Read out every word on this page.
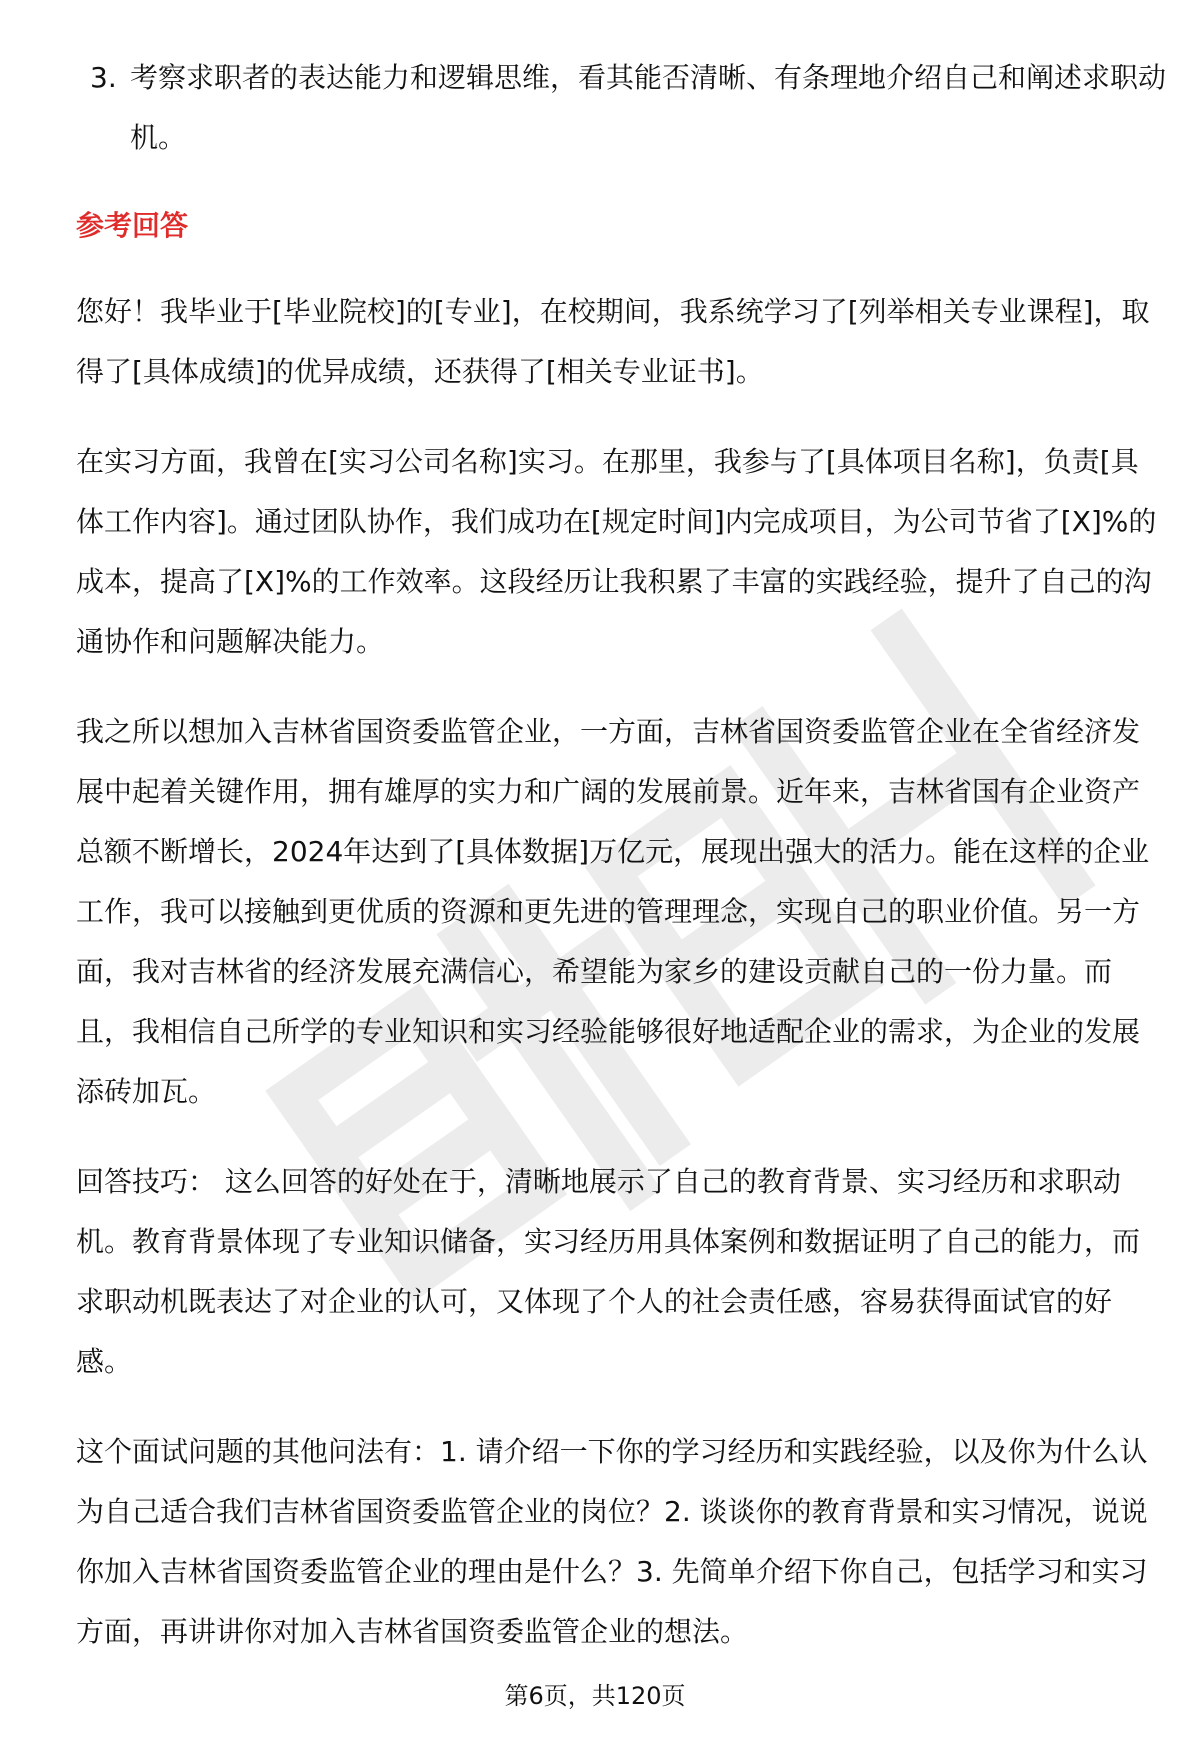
3. 考察求职者的表达能力和逻辑思维，看其能否清晰、有条理地介绍自己和阐述求职动机。
参考回答

您好！我毕业于[毕业院校]的[专业]，在校期间，我系统学习了[列举相关专业课程]，取得了[具体成绩]的优异成绩，还获得了[相关专业证书]。

在实习方面，我曾在[实习公司名称]实习。在那里，我参与了[具体项目名称]，负责[具体工作内容]。通过团队协作，我们成功在[规定时间]内完成项目，为公司节省了[X]%的成本，提高了[X]%的工作效率。这段经历让我积累了丰富的实践经验，提升了自己的沟通协作和问题解决能力。

我之所以想加入吉林省国资委监管企业，一方面，吉林省国资委监管企业在全省经济发展中起着关键作用，拥有雄厚的实力和广阔的发展前景。近年来，吉林省国有企业资产总额不断增长，2024年达到了[具体数据]万亿元，展现出强大的活力。能在这样的企业工作，我可以接触到更优质的资源和更先进的管理理念，实现自己的职业价值。另一方面，我对吉林省的经济发展充满信心，希望能为家乡的建设贡献自己的一份力量。而且，我相信自己所学的专业知识和实习经验能够很好地适配企业的需求，为企业的发展添砖加瓦。

回答技巧： 这么回答的好处在于，清晰地展示了自己的教育背景、实习经历和求职动机。教育背景体现了专业知识储备，实习经历用具体案例和数据证明了自己的能力，而求职动机既表达了对企业的认可，又体现了个人的社会责任感，容易获得面试官的好感。

这个面试问题的其他问法有：1. 请介绍一下你的学习经历和实践经验，以及你为什么认为自己适合我们吉林省国资委监管企业的岗位？2. 谈谈你的教育背景和实习情况，说说你加入吉林省国资委监管企业的理由是什么？3. 先简单介绍下你自己，包括学习和实习方面，再讲讲你对加入吉林省国资委监管企业的想法。

第6页，共120页
